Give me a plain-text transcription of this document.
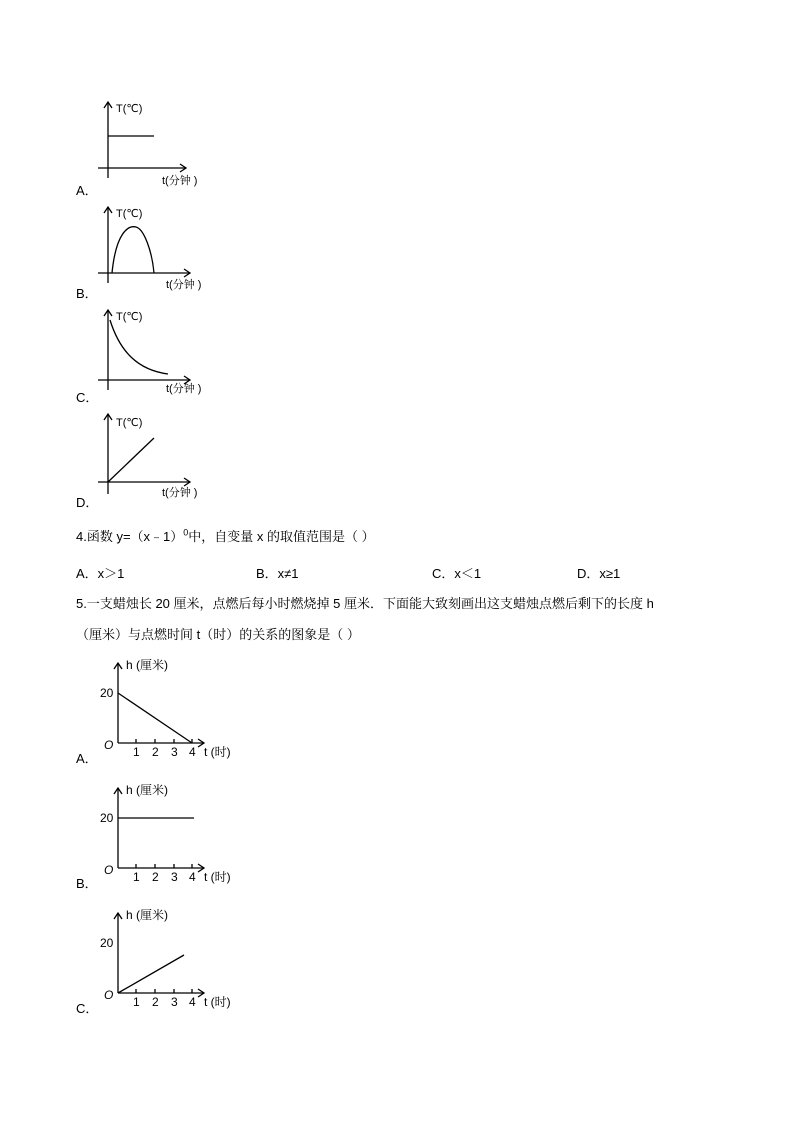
T(℃)
t(分钟 )
A．
T(℃)
t(分钟 )
B．
T(℃)
t(分钟 )
C．
T(℃)
t(分钟 )
D．
4.函数 y=（x﹣1）$^0$中，自变量 x 的取值范围是（ ）
A．x＞1	B．x≠1	C．x＜1	D．x≥1
5.一支蜡烛长 20 厘米，点燃后每小时燃烧掉 5 厘米．下面能大致刻画出这支蜡烛点燃后剩下的长度 h
（厘米）与点燃时间 t（时）的关系的图象是（ ）
h (厘米)
20
O 1 2 3 4 t (时)
A．
h (厘米)
20
O 1 2 3 4 t (时)
B．
h (厘米)
20
O 1 2 3 4 t (时)
C．
